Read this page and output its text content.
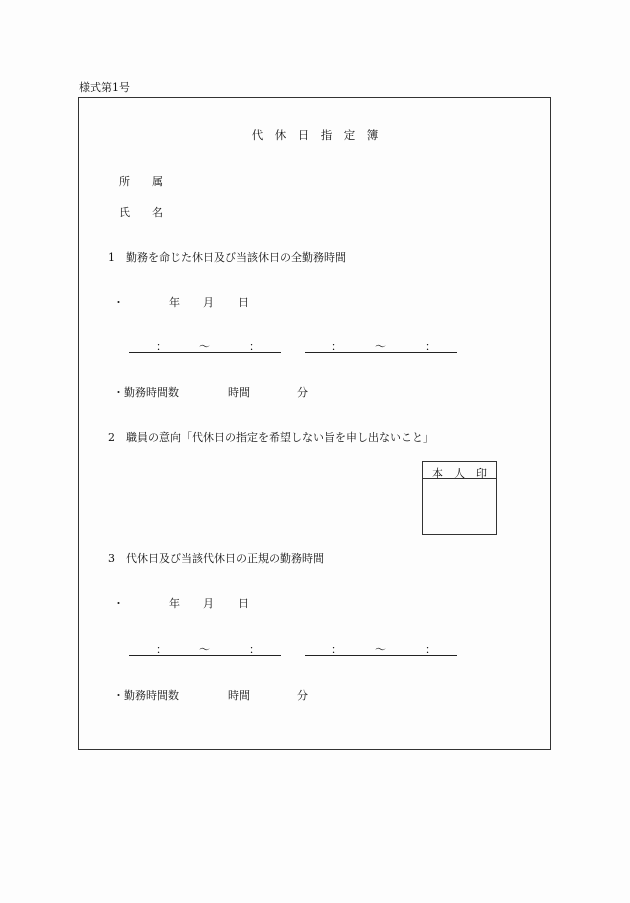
様式第1号
代　休　日　指　定　簿
所　　属
氏　　名
1　勤務を命じた休日及び当該休日の全勤務時間
・	年 月 日
：	〜	：	：	〜	：
・勤務時間数	時間	分
2　職員の意向「代休日の指定を希望しない旨を申し出ないこと」
本　人　印
3　代休日及び当該代休日の正規の勤務時間
・	年 月 日
：	〜	：	：	〜	：
・勤務時間数	時間	分
